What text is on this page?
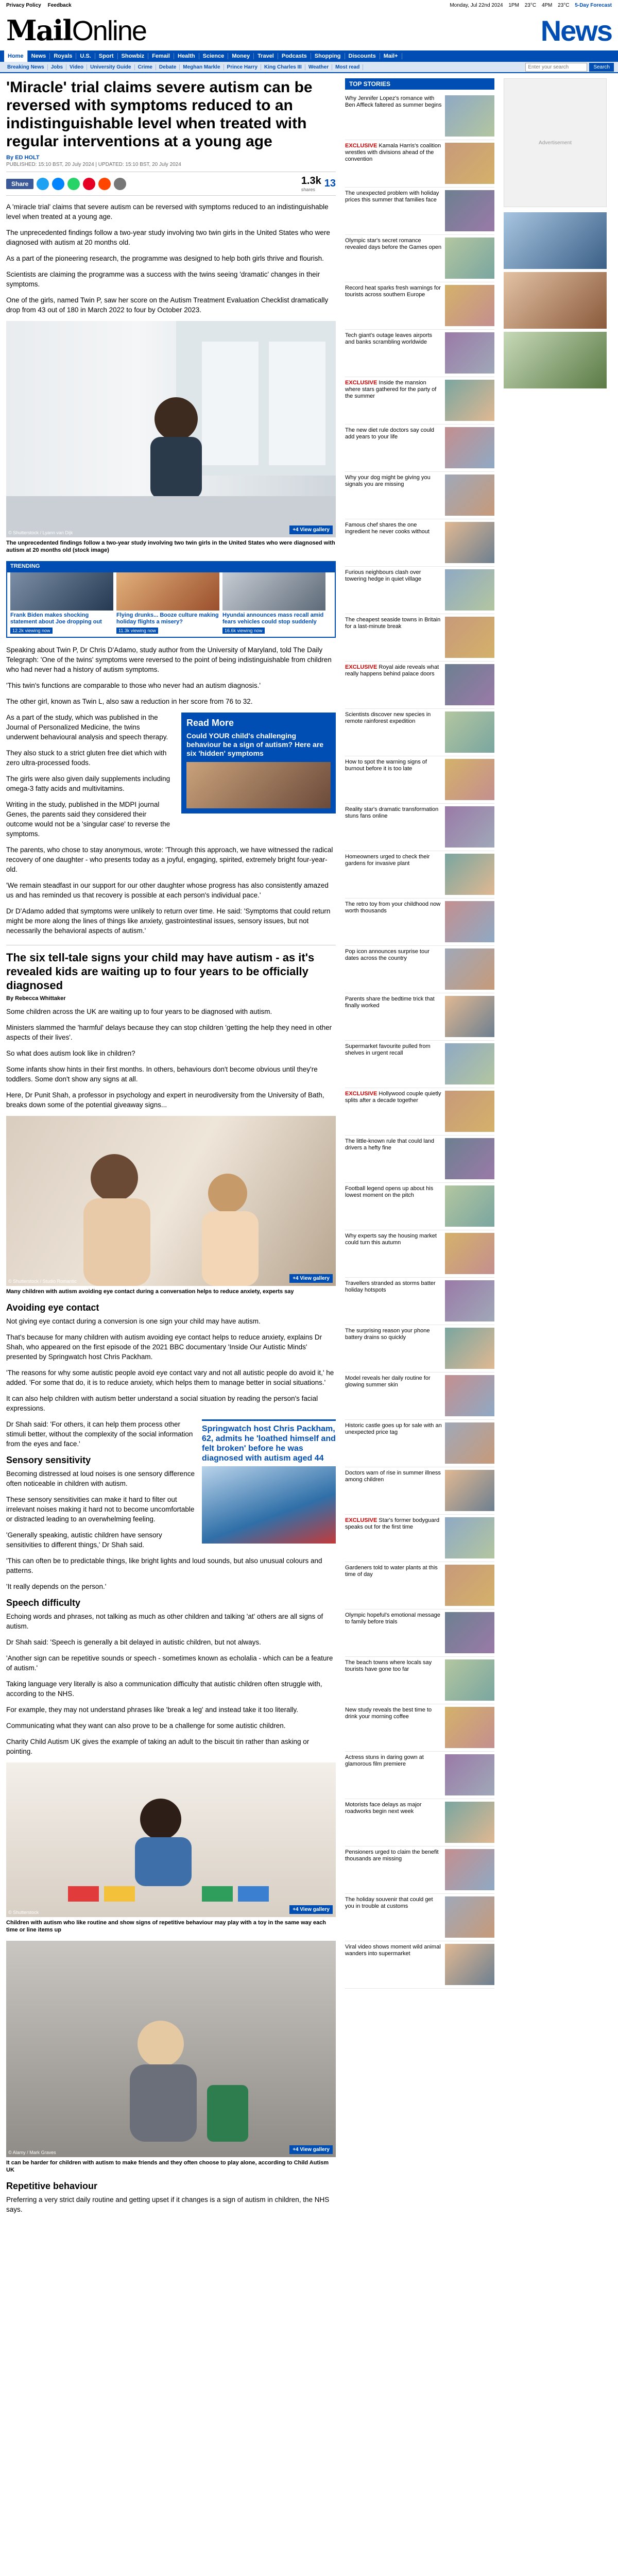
Privacy Policy Feedback	Monday, Jul 22nd 2024 1PM 23°C 4PM 23°C 5-Day Forecast
MailOnline	News
Home	News	Royals	U.S.	Sport	Showbiz	Femail	Health	Science	Money	Travel	Podcasts	Shopping	Discounts	Mail+
Breaking News	Jobs	Video	University Guide	Crime	Debate	Meghan Markle	Prince Harry	King Charles III	Weather	Most read
Enter your search	Search
'Miracle' trial claims severe autism can be reversed with symptoms reduced to an indistinguishable level when treated with regular interventions at a young age
By ED HOLT
PUBLISHED: 15:10 BST, 20 July 2024 | UPDATED: 15:10 BST, 20 July 2024
Share	1.3k
shares
13

A 'miracle trial' claims that severe autism can be reversed with symptoms reduced to an indistinguishable level when treated at a young age.

The unprecedented findings follow a two-year study involving two twin girls in the United States who were diagnosed with autism at 20 months old.

As a part of the pioneering research, the programme was designed to help both girls thrive and flourish.

Scientists are claiming the programme was a success with the twins seeing 'dramatic' changes in their symptoms.

One of the girls, named Twin P, saw her score on the Autism Treatment Evaluation Checklist dramatically drop from 43 out of 180 in March 2022 to four by October 2023.

© Shutterstock / Lyann van Dijk	+4 View gallery
The unprecedented findings follow a two-year study involving two twin girls in the United States who were diagnosed with autism at 20 months old (stock image)
TRENDING
Frank Biden makes shocking statement about Joe dropping out
12.2k viewing now
Flying drunks... Booze culture making holiday flights a misery?
11.3k viewing now
Hyundai announces mass recall amid fears vehicles could stop suddenly
16.6k viewing now

Speaking about Twin P, Dr Chris D'Adamo, study author from the University of Maryland, told The Daily Telegraph: 'One of the twins' symptoms were reversed to the point of being indistinguishable from children who had never had a history of autism symptoms.

'This twin's functions are comparable to those who never had an autism diagnosis.'

The other girl, known as Twin L, also saw a reduction in her score from 76 to 32.

Read More
Could YOUR child's challenging behaviour be a sign of autism? Here are six 'hidden' symptoms

As a part of the study, which was published in the Journal of Personalized Medicine, the twins underwent behavioural analysis and speech therapy.

They also stuck to a strict gluten free diet which with zero ultra-processed foods.

The girls were also given daily supplements including omega-3 fatty acids and multivitamins.

Writing in the study, published in the MDPI journal Genes, the parents said they considered their outcome would not be a 'singular case' to reverse the symptoms.

The parents, who chose to stay anonymous, wrote: 'Through this approach, we have witnessed the radical recovery of one daughter - who presents today as a joyful, engaging, spirited, extremely bright four-year-old.

'We remain steadfast in our support for our other daughter whose progress has also consistently amazed us and has reminded us that recovery is possible at each person's individual pace.'

Dr D'Adamo added that symptoms were unlikely to return over time. He said: 'Symptoms that could return might be more along the lines of things like anxiety, gastrointestinal issues, sensory issues, but not necessarily the behavioral aspects of autism.'

The six tell-tale signs your child may have autism - as it's revealed kids are waiting up to four years to be officially diagnosed
By Rebecca Whittaker

Some children across the UK are waiting up to four years to be diagnosed with autism.

Ministers slammed the 'harmful' delays because they can stop children 'getting the help they need in other aspects of their lives'.

So what does autism look like in children?

Some infants show hints in their first months. In others, behaviours don't become obvious until they're toddlers. Some don't show any signs at all.

Here, Dr Punit Shah, a professor in psychology and expert in neurodiversity from the University of Bath, breaks down some of the potential giveaway signs...

© Shutterstock / Studio Romantic	+4 View gallery
Many children with autism avoiding eye contact during a conversation helps to reduce anxiety, experts say
Avoiding eye contact

Not giving eye contact during a conversion is one sign your child may have autism.

That's because for many children with autism avoiding eye contact helps to reduce anxiety, explains Dr Shah, who appeared on the first episode of the 2021 BBC documentary 'Inside Our Autistic Minds' presented by Springwatch host Chris Packham.

'The reasons for why some autistic people avoid eye contact vary and not all autistic people do avoid it,' he added. 'For some that do, it is to reduce anxiety, which helps them to manage better in social situations.'

It can also help children with autism better understand a social situation by reading the person's facial expressions.

Springwatch host Chris Packham, 62, admits he 'loathed himself and felt broken' before he was diagnosed with autism aged 44

Dr Shah said: 'For others, it can help them process other stimuli better, without the complexity of the social information from the eyes and face.'

Sensory sensitivity

Becoming distressed at loud noises is one sensory difference often noticeable in children with autism.

These sensory sensitivities can make it hard to filter out irrelevant noises making it hard not to become uncomfortable or distracted leading to an overwhelming feeling.

'Generally speaking, autistic children have sensory sensitivities to different things,' Dr Shah said.

'This can often be to predictable things, like bright lights and loud sounds, but also unusual colours and patterns.

'It really depends on the person.'

Speech difficulty

Echoing words and phrases, not talking as much as other children and talking 'at' others are all signs of autism.

Dr Shah said: 'Speech is generally a bit delayed in autistic children, but not always.

'Another sign can be repetitive sounds or speech - sometimes known as echolalia - which can be a feature of autism.'

Taking language very literally is also a communication difficulty that autistic children often struggle with, according to the NHS.

For example, they may not understand phrases like 'break a leg' and instead take it too literally.

Communicating what they want can also prove to be a challenge for some autistic children.

Charity Child Autism UK gives the example of taking an adult to the biscuit tin rather than asking or pointing.

© Shutterstock	+4 View gallery
Children with autism who like routine and show signs of repetitive behaviour may play with a toy in the same way each time or line items up
© Alamy / Mark Graves	+4 View gallery
It can be harder for children with autism to make friends and they often choose to play alone, according to Child Autism UK
Repetitive behaviour

Preferring a very strict daily routine and getting upset if it changes is a sign of autism in children, the NHS says.

TOP STORIES
Why Jennifer Lopez's romance with Ben Affleck faltered as summer begins
EXCLUSIVE Kamala Harris's coalition wrestles with divisions ahead of the convention
The unexpected problem with holiday prices this summer that families face
Olympic star's secret romance revealed days before the Games open
Record heat sparks fresh warnings for tourists across southern Europe
Tech giant's outage leaves airports and banks scrambling worldwide
EXCLUSIVE Inside the mansion where stars gathered for the party of the summer
The new diet rule doctors say could add years to your life
Why your dog might be giving you signals you are missing
Famous chef shares the one ingredient he never cooks without
Furious neighbours clash over towering hedge in quiet village
The cheapest seaside towns in Britain for a last-minute break
EXCLUSIVE Royal aide reveals what really happens behind palace doors
Scientists discover new species in remote rainforest expedition
How to spot the warning signs of burnout before it is too late
Reality star's dramatic transformation stuns fans online
Homeowners urged to check their gardens for invasive plant
The retro toy from your childhood now worth thousands
Pop icon announces surprise tour dates across the country
Parents share the bedtime trick that finally worked
Supermarket favourite pulled from shelves in urgent recall
EXCLUSIVE Hollywood couple quietly splits after a decade together
The little-known rule that could land drivers a hefty fine
Football legend opens up about his lowest moment on the pitch
Why experts say the housing market could turn this autumn
Travellers stranded as storms batter holiday hotspots
The surprising reason your phone battery drains so quickly
Model reveals her daily routine for glowing summer skin
Historic castle goes up for sale with an unexpected price tag
Doctors warn of rise in summer illness among children
EXCLUSIVE Star's former bodyguard speaks out for the first time
Gardeners told to water plants at this time of day
Olympic hopeful's emotional message to family before trials
The beach towns where locals say tourists have gone too far
New study reveals the best time to drink your morning coffee
Actress stuns in daring gown at glamorous film premiere
Motorists face delays as major roadworks begin next week
Pensioners urged to claim the benefit thousands are missing
The holiday souvenir that could get you in trouble at customs
Viral video shows moment wild animal wanders into supermarket
Advertisement
